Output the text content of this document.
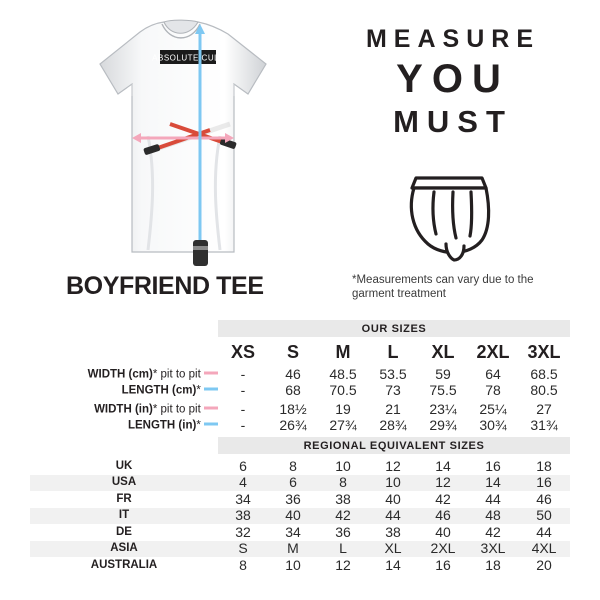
ABSOLUTE CULT
MEASURE
YOU
MUST
BOYFRIEND TEE	*Measurements can vary due to the garment treatment
	OUR SIZES						
	XS	S	M	L	XL	2XL	3XL

WIDTH (cm)* pit to pit	-	46	48.5	53.5	59	64	68.5
LENGTH (cm)*	-	68	70.5	73	75.5	78	80.5

WIDTH (in)* pit to pit	-	18½	19	21	23¼	25¼	27
LENGTH (in)*	-	26¾	27¾	28¾	29¾	30¾	31¾

	REGIONAL EQUIVALENT SIZES						

UK	6	8	10	12	14	16	18
USA	4	6	8	10	12	14	16
FR	34	36	38	40	42	44	46
IT	38	40	42	44	46	48	50
DE	32	34	36	38	40	42	44
ASIA	S	M	L	XL	2XL	3XL	4XL
AUSTRALIA	8	10	12	14	16	18	20
